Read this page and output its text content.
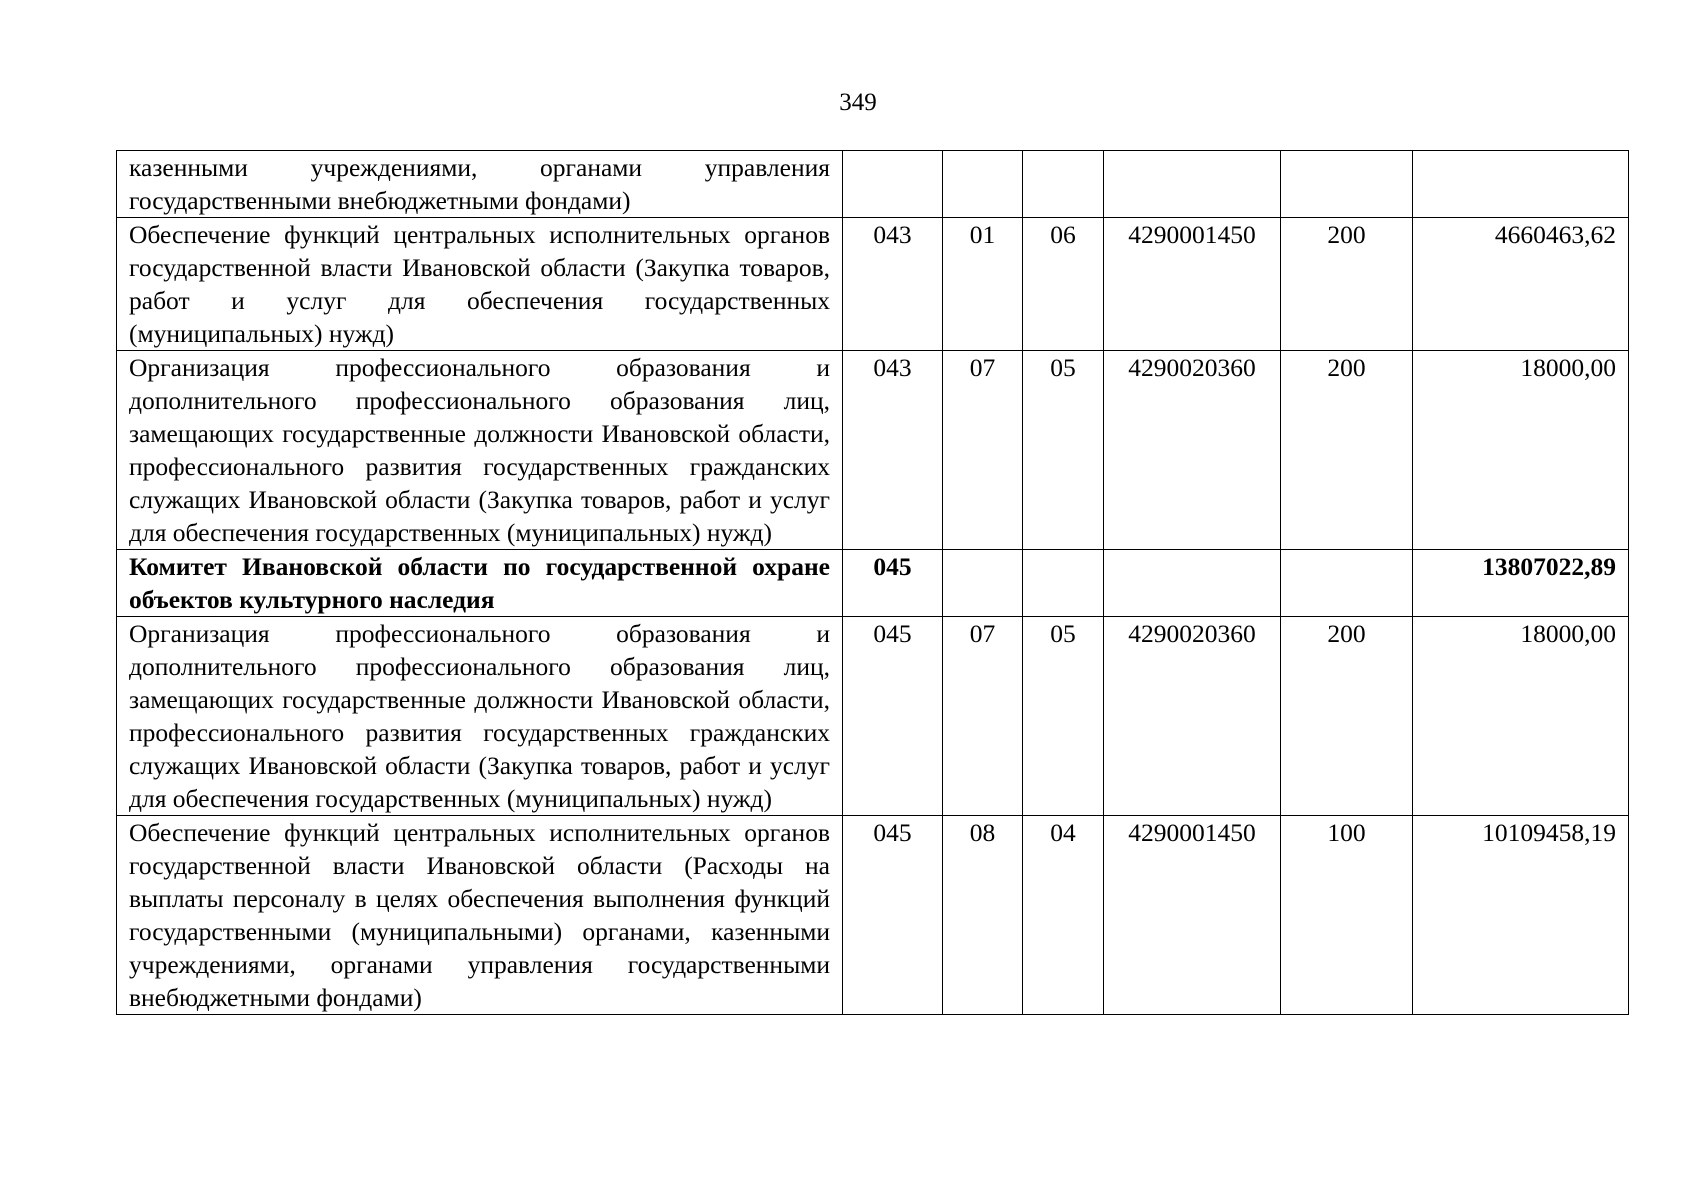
349
казенными учреждениями, органами управления государственными внебюджетными фондами)						
Обеспечение функций центральных исполнительных органов государственной власти Ивановской области (Закупка товаров, работ и услуг для обеспечения государственных (муниципальных) нужд)	043	01	06	4290001450	200	4660463,62
Организация профессионального образования и дополнительного профессионального образования лиц, замещающих государственные должности Ивановской области, профессионального развития государственных гражданских служащих Ивановской области (Закупка товаров, работ и услуг для обеспечения государственных (муниципальных) нужд)	043	07	05	4290020360	200	18000,00
Комитет Ивановской области по государственной охране объектов культурного наследия	045					13807022,89
Организация профессионального образования и дополнительного профессионального образования лиц, замещающих государственные должности Ивановской области, профессионального развития государственных гражданских служащих Ивановской области (Закупка товаров, работ и услуг для обеспечения государственных (муниципальных) нужд)	045	07	05	4290020360	200	18000,00
Обеспечение функций центральных исполнительных органов государственной власти Ивановской области (Расходы на выплаты персоналу в целях обеспечения выполнения функций государственными (муниципальными) органами, казенными учреждениями, органами управления государственными внебюджетными фондами)	045	08	04	4290001450	100	10109458,19
